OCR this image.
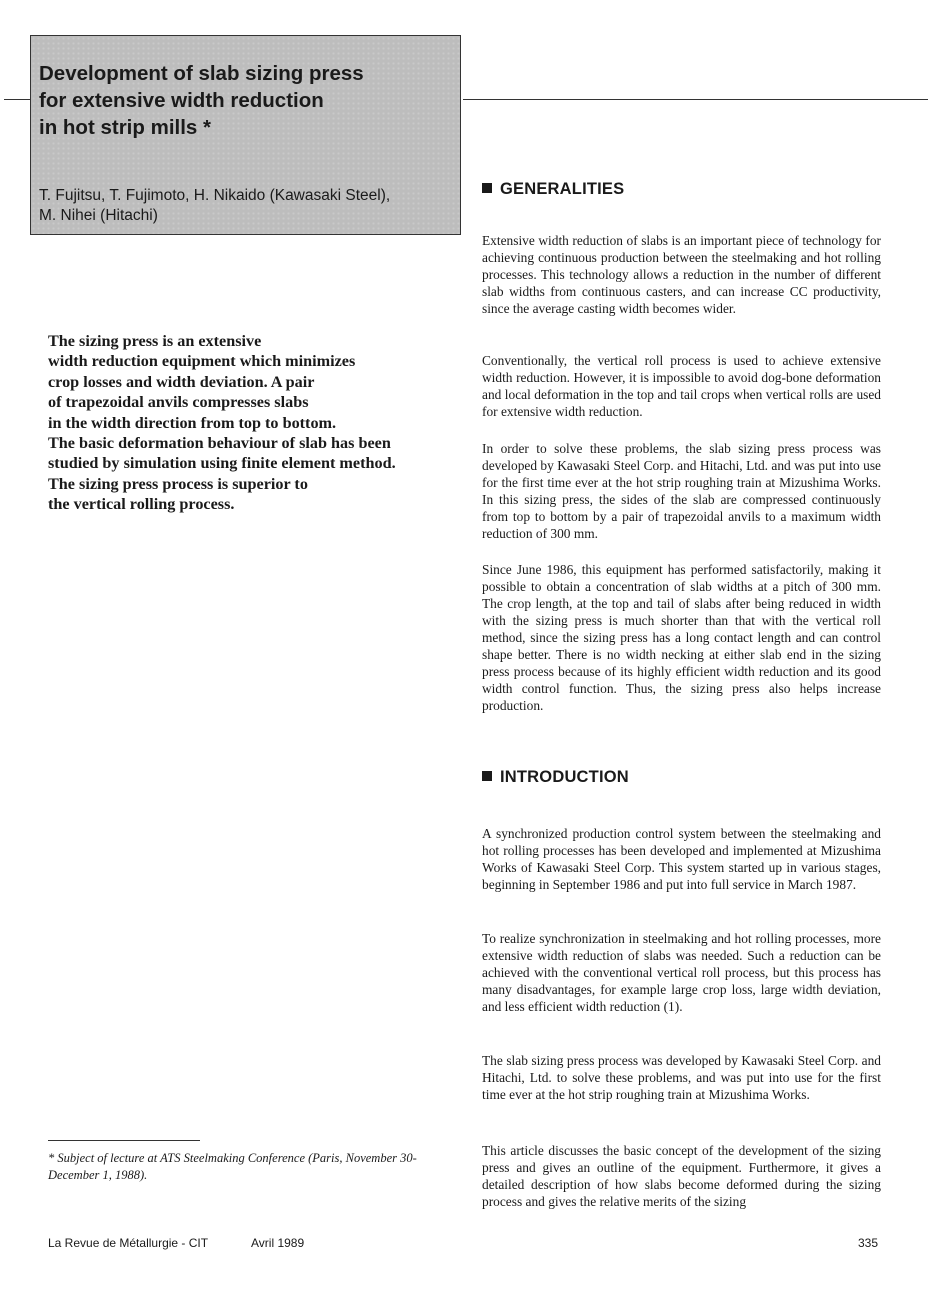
Development of slab sizing press
for extensive width reduction
in hot strip mills *

T. Fujitsu, T. Fujimoto, H. Nikaido (Kawasaki Steel),
M. Nihei (Hitachi)

The sizing press is an extensive
width reduction equipment which minimizes
crop losses and width deviation. A pair
of trapezoidal anvils compresses slabs
in the width direction from top to bottom.
The basic deformation behaviour of slab has been
studied by simulation using finite element method.
The sizing press process is superior to
the vertical rolling process.

* Subject of lecture at ATS Steelmaking Conference (Paris, November 30-December 1, 1988).

La Revue de Métallurgie - CIT	Avril 1989	335

GENERALITIES

Extensive width reduction of slabs is an important piece of technology for achieving continuous production between the steelmaking and hot rolling processes. This technology allows a reduction in the number of different slab widths from continuous casters, and can increase CC productivity, since the average casting width becomes wider.

Conventionally, the vertical roll process is used to achieve extensive width reduction. However, it is impossible to avoid dog-bone deformation and local deformation in the top and tail crops when vertical rolls are used for extensive width reduction.

In order to solve these problems, the slab sizing press process was developed by Kawasaki Steel Corp. and Hitachi, Ltd. and was put into use for the first time ever at the hot strip roughing train at Mizushima Works. In this sizing press, the sides of the slab are compressed continuously from top to bottom by a pair of trapezoidal anvils to a maximum width reduction of 300 mm.

Since June 1986, this equipment has performed satisfactorily, making it possible to obtain a concentration of slab widths at a pitch of 300 mm. The crop length, at the top and tail of slabs after being reduced in width with the sizing press is much shorter than that with the vertical roll method, since the sizing press has a long contact length and can control shape better. There is no width necking at either slab end in the sizing press process because of its highly efficient width reduction and its good width control function. Thus, the sizing press also helps increase production.

INTRODUCTION

A synchronized production control system between the steelmaking and hot rolling processes has been developed and implemented at Mizushima Works of Kawasaki Steel Corp. This system started up in various stages, beginning in September 1986 and put into full service in March 1987.

To realize synchronization in steelmaking and hot rolling processes, more extensive width reduction of slabs was needed. Such a reduction can be achieved with the conventional vertical roll process, but this process has many disadvantages, for example large crop loss, large width deviation, and less efficient width reduction (1).

The slab sizing press process was developed by Kawasaki Steel Corp. and Hitachi, Ltd. to solve these problems, and was put into use for the first time ever at the hot strip roughing train at Mizushima Works.

This article discusses the basic concept of the development of the sizing press and gives an outline of the equipment. Furthermore, it gives a detailed description of how slabs become deformed during the sizing process and gives the relative merits of the sizing
